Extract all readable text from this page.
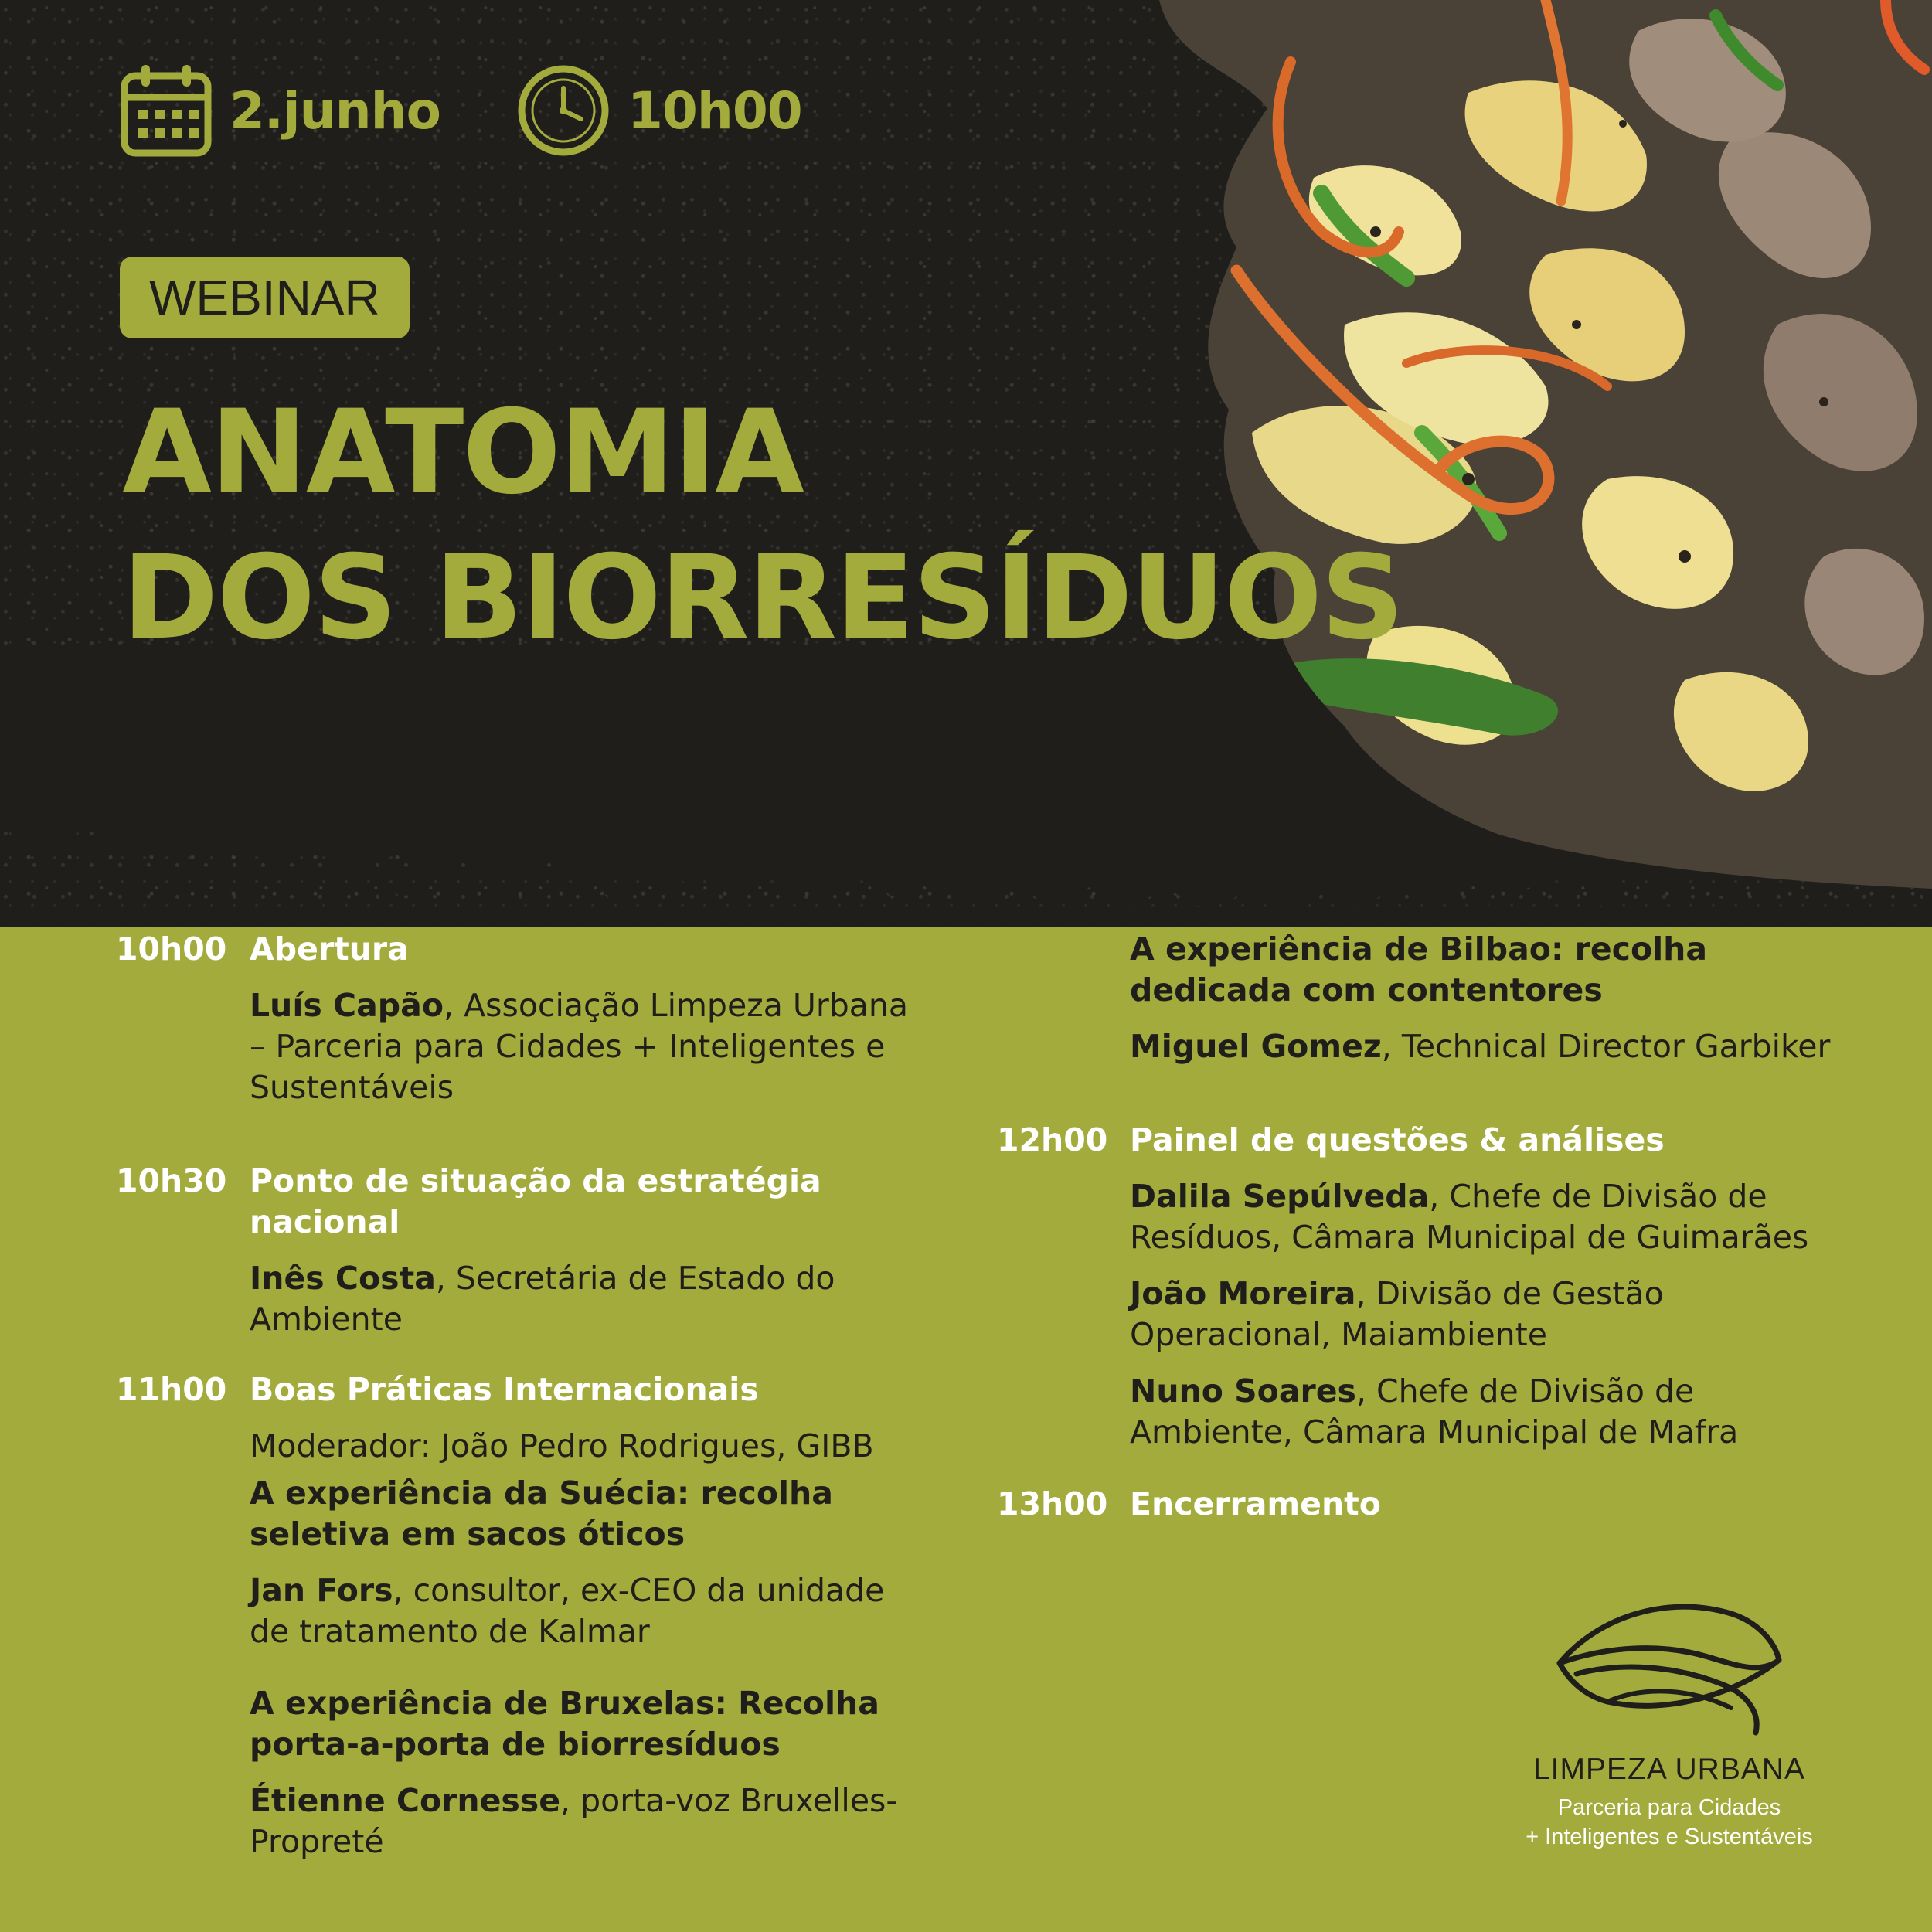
2.junho	10h00
WEBINAR
ANATOMIA
DOS BIORRESÍDUOS
10h00 Abertura
Luís Capão, Associação Limpeza Urbana – Parceria para Cidades + Inteligentes e Sustentáveis
10h30 Ponto de situação da estratégia nacional
Inês Costa, Secretária de Estado do Ambiente
11h00 Boas Práticas Internacionais
Moderador: João Pedro Rodrigues, GIBB
A experiência da Suécia: recolha seletiva em sacos óticos
Jan Fors, consultor, ex-CEO da unidade de tratamento de Kalmar
A experiência de Bruxelas: Recolha porta-a-porta de biorresíduos
Étienne Cornesse, porta-voz Bruxelles-Propreté
A experiência de Bilbao: recolha dedicada com contentores
Miguel Gomez, Technical Director Garbiker
12h00 Painel de questões & análises
Dalila Sepúlveda, Chefe de Divisão de Resíduos, Câmara Municipal de Guimarães
João Moreira, Divisão de Gestão Operacional, Maiambiente
Nuno Soares, Chefe de Divisão de Ambiente, Câmara Municipal de Mafra
13h00 Encerramento
LIMPEZA URBANA
Parceria para Cidades
+ Inteligentes e Sustentáveis
